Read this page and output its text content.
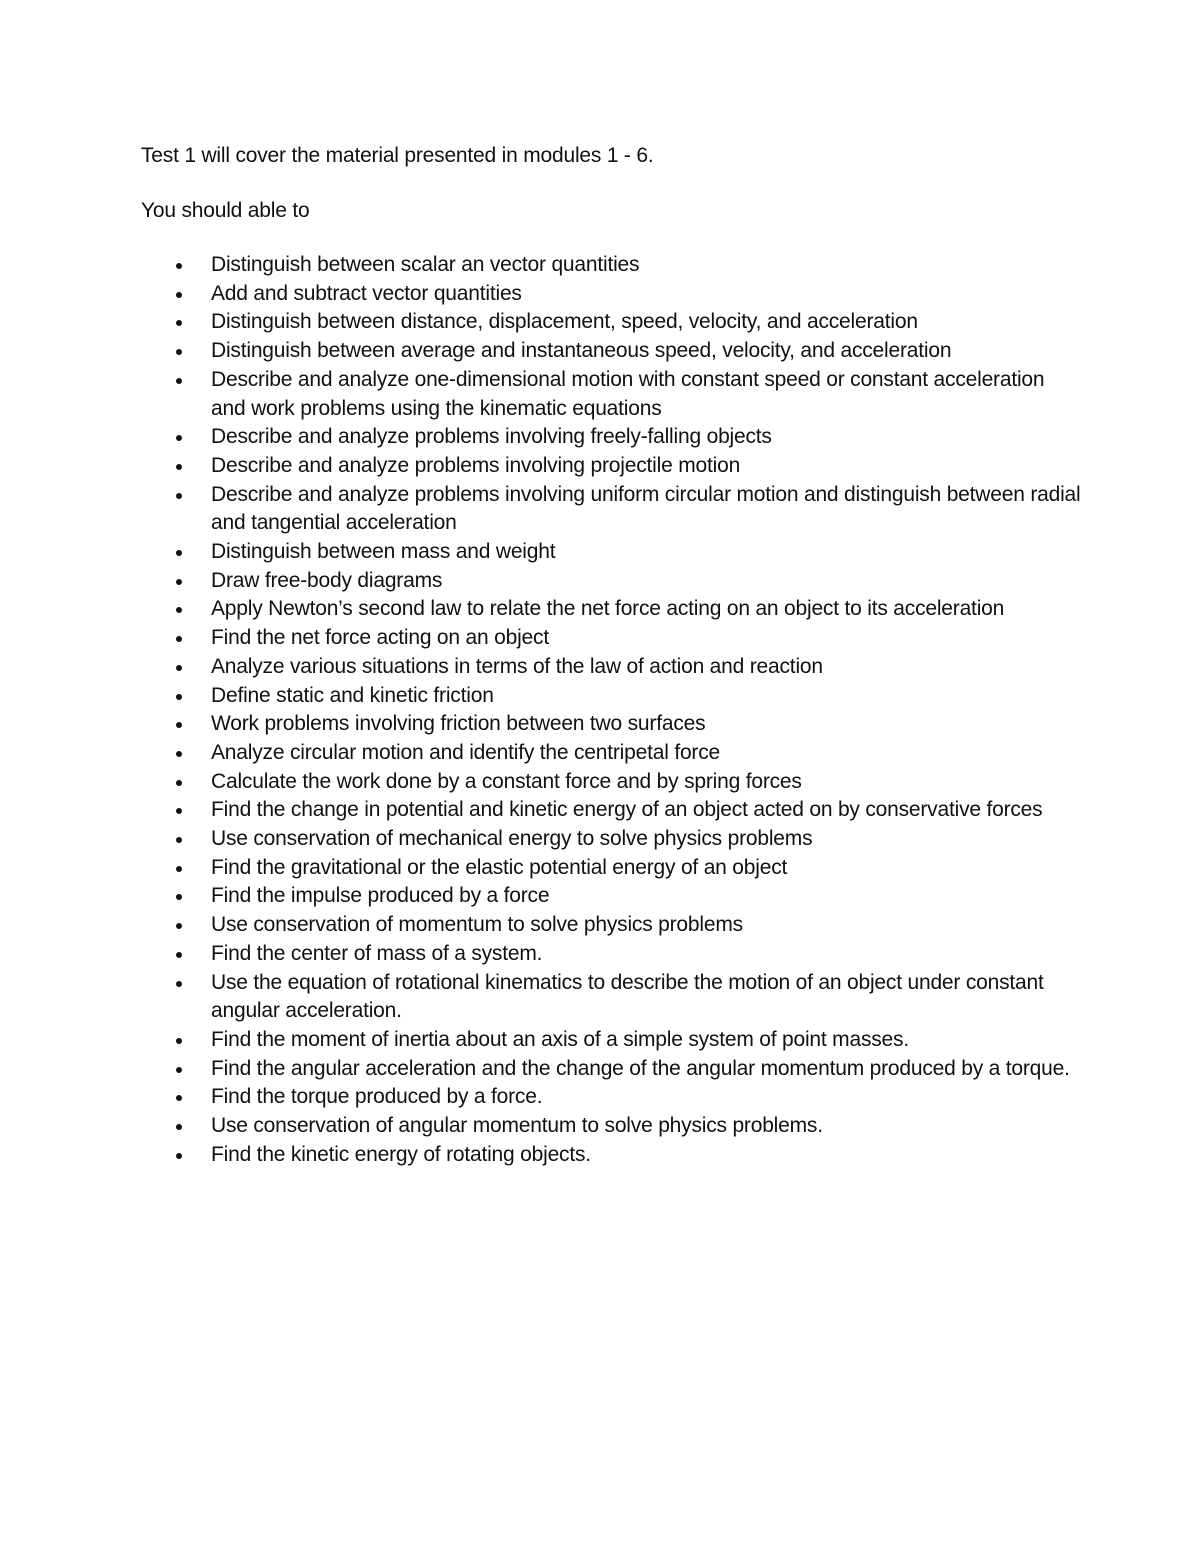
Test 1 will cover the material presented in modules 1 - 6.

You should able to

Distinguish between scalar an vector quantities
Add and subtract vector quantities
Distinguish between distance, displacement, speed, velocity, and acceleration
Distinguish between average and instantaneous speed, velocity, and acceleration
Describe and analyze one-dimensional motion with constant speed or constant acceleration and work problems using the kinematic equations
Describe and analyze problems involving freely-falling objects
Describe and analyze problems involving projectile motion
Describe and analyze problems involving uniform circular motion and distinguish between radial and tangential acceleration
Distinguish between mass and weight
Draw free-body diagrams
Apply Newton’s second law to relate the net force acting on an object to its acceleration
Find the net force acting on an object
Analyze various situations in terms of the law of action and reaction
Define static and kinetic friction
Work problems involving friction between two surfaces
Analyze circular motion and identify the centripetal force
Calculate the work done by a constant force and by spring forces
Find the change in potential and kinetic energy of an object acted on by conservative forces
Use conservation of mechanical energy to solve physics problems
Find the gravitational or the elastic potential energy of an object
Find the impulse produced by a force
Use conservation of momentum to solve physics problems
Find the center of mass of a system.
Use the equation of rotational kinematics to describe the motion of an object under constant angular acceleration.
Find the moment of inertia about an axis of a simple system of point masses.
Find the angular acceleration and the change of the angular momentum produced by a torque.
Find the torque produced by a force.
Use conservation of angular momentum to solve physics problems.
Find the kinetic energy of rotating objects.
